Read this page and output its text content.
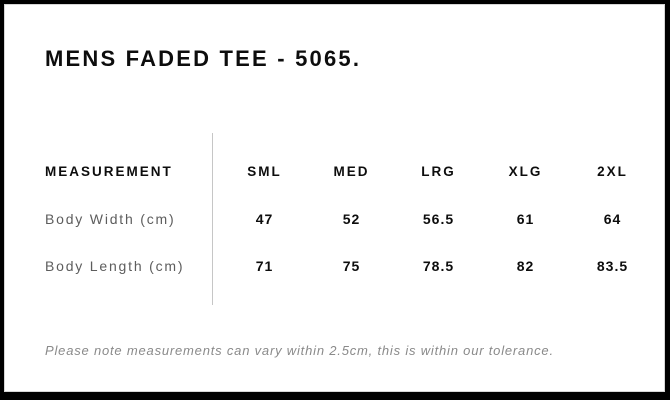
MENS FADED TEE - 5065.
MEASUREMENT	SML	MED	LRG	XLG	2XL
Body Width (cm)	47	52	56.5	61	64
Body Length (cm)	71	75	78.5	82	83.5

Please note measurements can vary within 2.5cm, this is within our tolerance.
